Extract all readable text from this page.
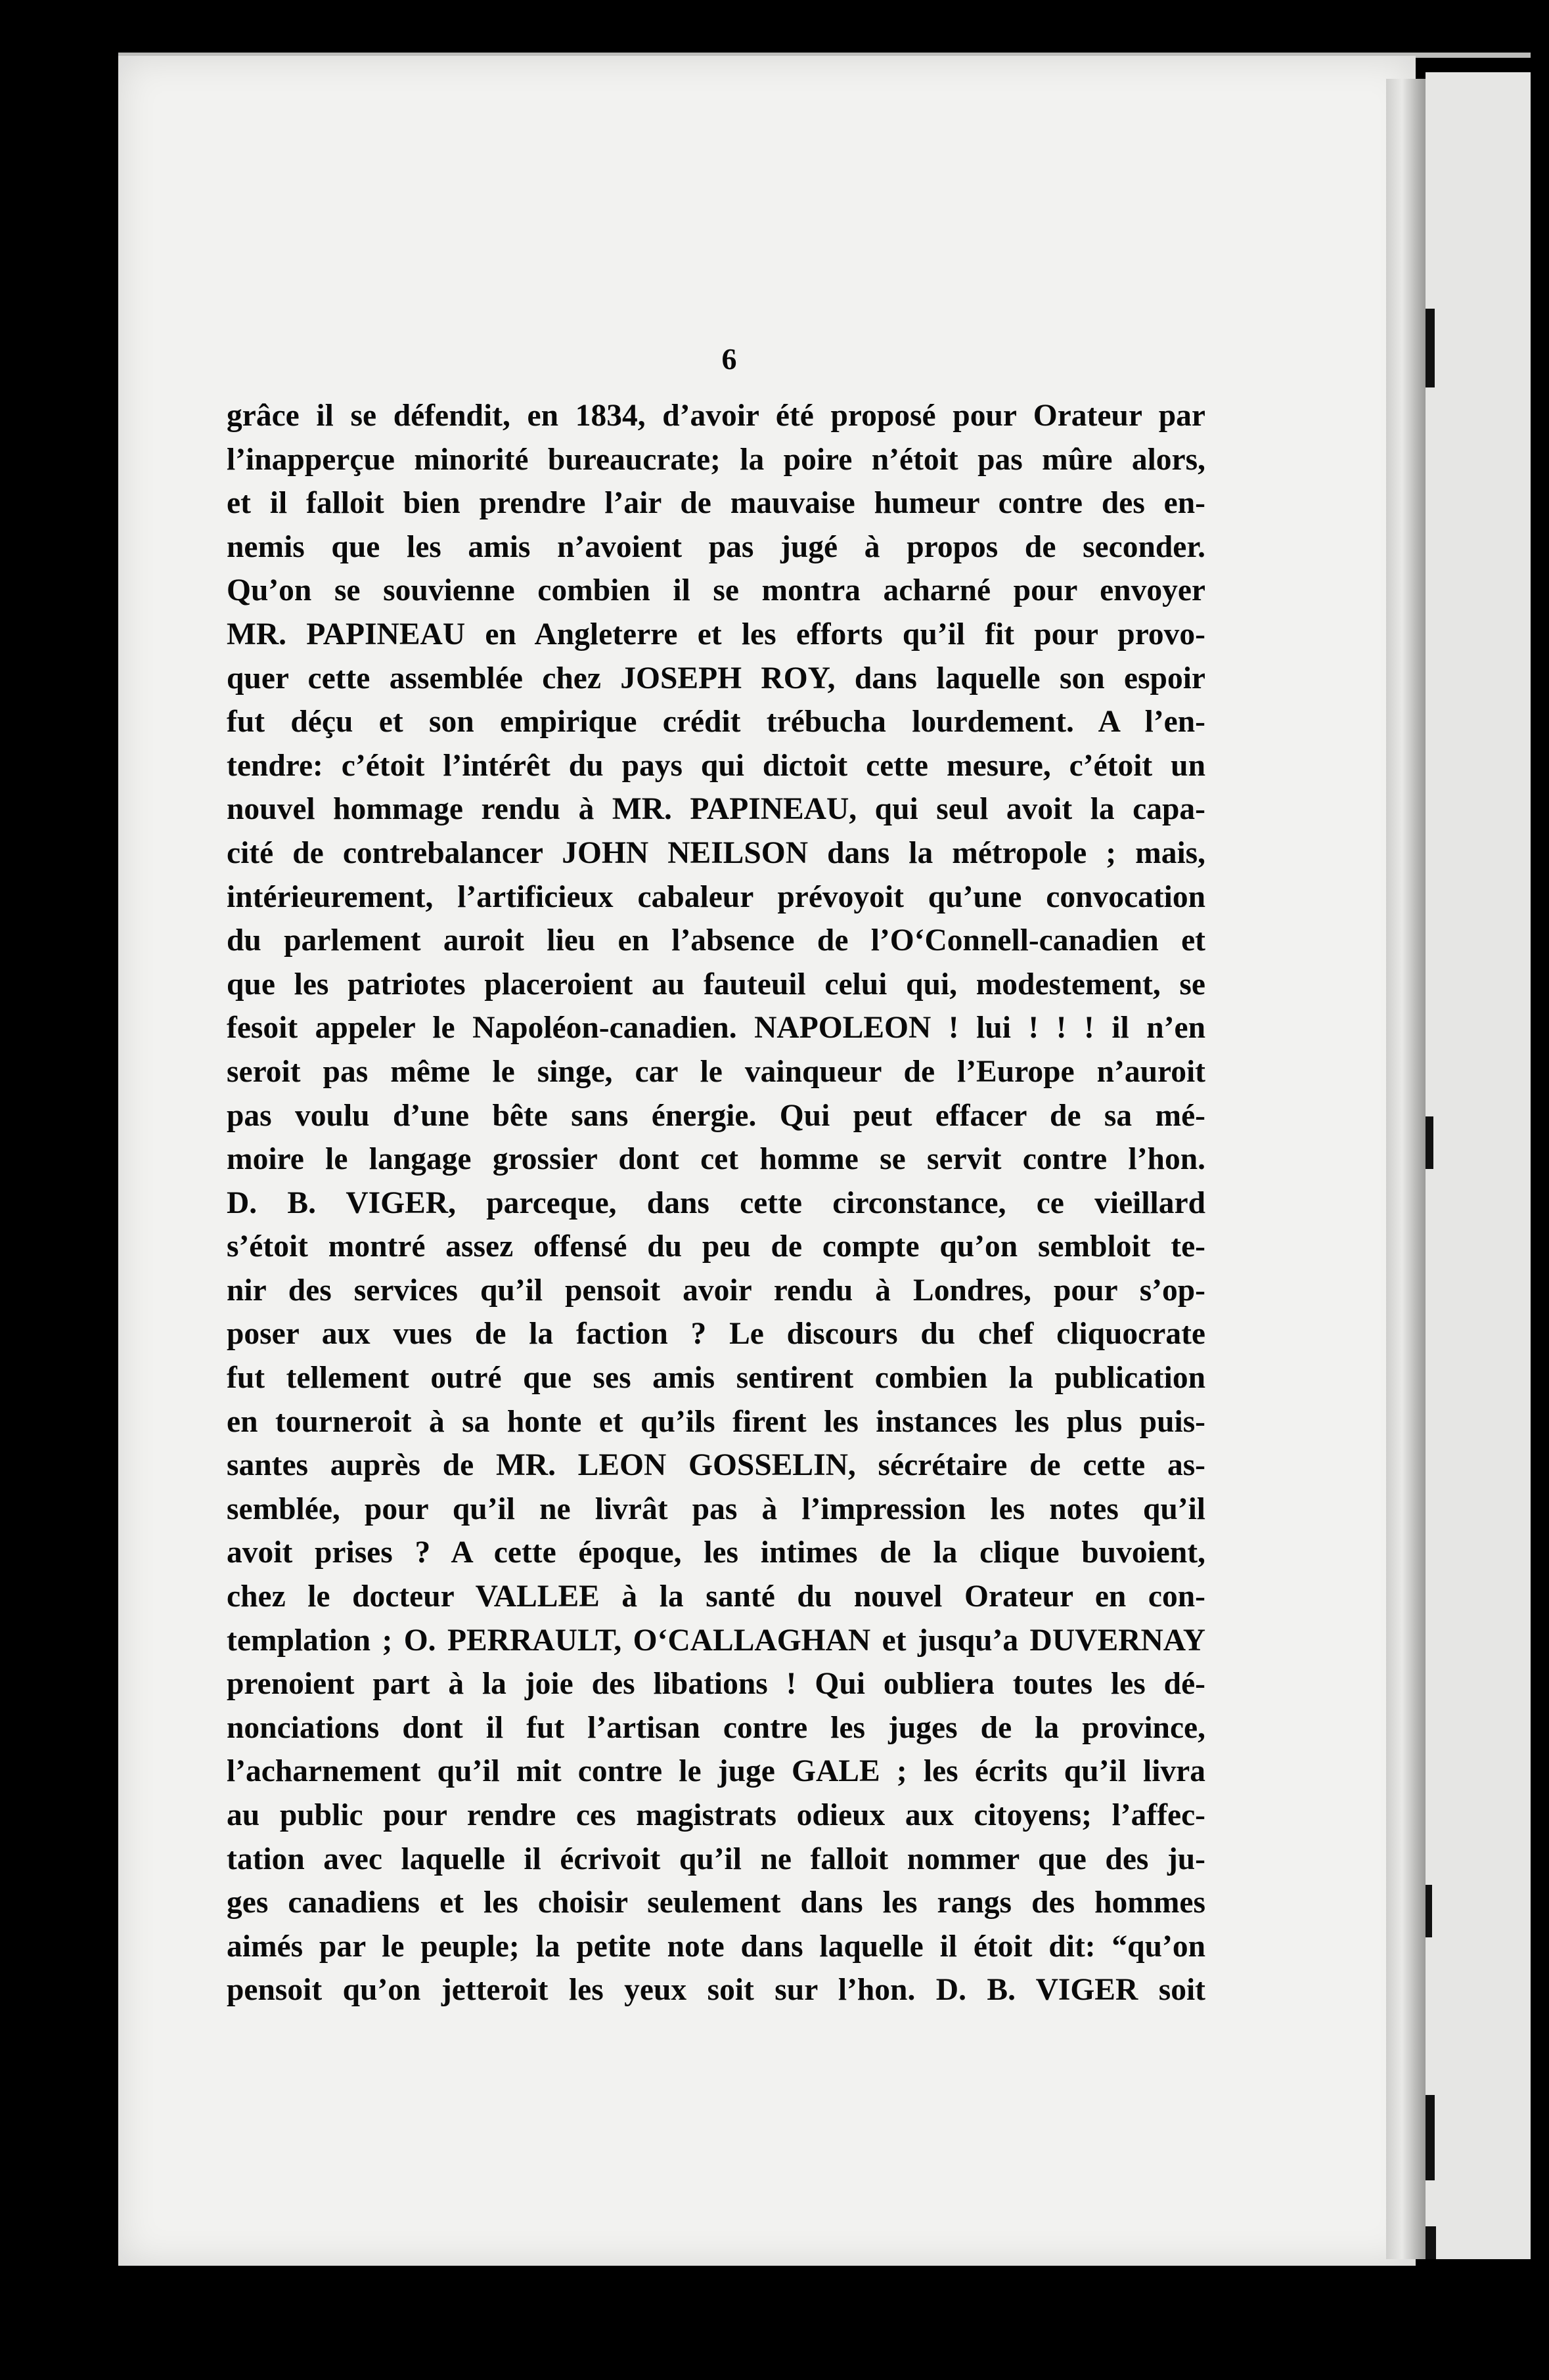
6
grâce il se défendit, en 1834, d’avoir été proposé pour Orateur par
l’inapperçue minorité bureaucrate; la poire n’étoit pas mûre alors,
et il falloit bien prendre l’air de mauvaise humeur contre des en-
nemis que les amis n’avoient pas jugé à propos de seconder.
Qu’on se souvienne combien il se montra acharné pour envoyer
MR. PAPINEAU en Angleterre et les efforts qu’il fit pour provo-
quer cette assemblée chez JOSEPH ROY, dans laquelle son espoir
fut déçu et son empirique crédit trébucha lourdement. A l’en-
tendre: c’étoit l’intérêt du pays qui dictoit cette mesure, c’étoit un
nouvel hommage rendu à MR. PAPINEAU, qui seul avoit la capa-
cité de contrebalancer JOHN NEILSON dans la métropole ; mais,
intérieurement, l’artificieux cabaleur prévoyoit qu’une convocation
du parlement auroit lieu en l’absence de l’O‘Connell-canadien et
que les patriotes placeroient au fauteuil celui qui, modestement, se
fesoit appeler le Napoléon-canadien. NAPOLEON ! lui ! ! ! il n’en
seroit pas même le singe, car le vainqueur de l’Europe n’auroit
pas voulu d’une bête sans énergie. Qui peut effacer de sa mé-
moire le langage grossier dont cet homme se servit contre l’hon.
D. B. VIGER, parceque, dans cette circonstance, ce vieillard
s’étoit montré assez offensé du peu de compte qu’on sembloit te-
nir des services qu’il pensoit avoir rendu à Londres, pour s’op-
poser aux vues de la faction ? Le discours du chef cliquocrate
fut tellement outré que ses amis sentirent combien la publication
en tourneroit à sa honte et qu’ils firent les instances les plus puis-
santes auprès de MR. LEON GOSSELIN, sécrétaire de cette as-
semblée, pour qu’il ne livrât pas à l’impression les notes qu’il
avoit prises ? A cette époque, les intimes de la clique buvoient,
chez le docteur VALLEE à la santé du nouvel Orateur en con-
templation ; O. PERRAULT, O‘CALLAGHAN et jusqu’a DUVERNAY
prenoient part à la joie des libations ! Qui oubliera toutes les dé-
nonciations dont il fut l’artisan contre les juges de la province,
l’acharnement qu’il mit contre le juge GALE ; les écrits qu’il livra
au public pour rendre ces magistrats odieux aux citoyens; l’affec-
tation avec laquelle il écrivoit qu’il ne falloit nommer que des ju-
ges canadiens et les choisir seulement dans les rangs des hommes
aimés par le peuple; la petite note dans laquelle il étoit dit: “qu’on
pensoit qu’on jetteroit les yeux soit sur l’hon. D. B. VIGER soit
